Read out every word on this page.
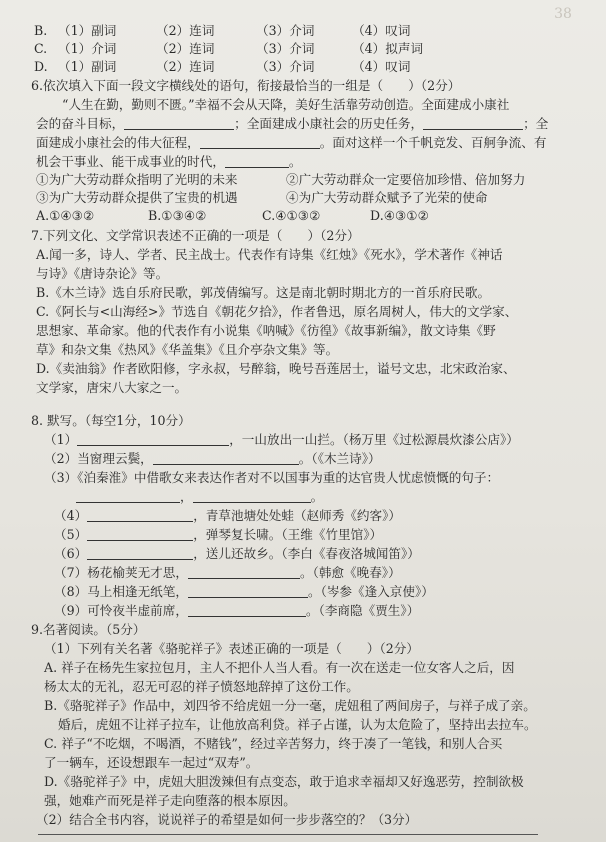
38
B. （1）副词	（2）连词	（3）介词	（4）叹词
C. （1）介词	（2）连词	（3）介词	（4）拟声词
D. （1）副词	（2）连词	（3）介词	（4）叹词
6.依次填入下面一段文字横线处的语句，衔接最恰当的一组是（　　）（2分）
“人生在勤，勤则不匮。”幸福不会从天降，美好生活靠劳动创造。全面建成小康社
会的奋斗目标，	；全面建成小康社会的历史任务，	；全
面建成小康社会的伟大征程，	。面对这样一个千帆竞发、百舸争流、有
机会干事业、能干成事业的时代，	。
①为广大劳动群众指明了光明的未来	②广大劳动群众一定要倍加珍惜、倍加努力
③为广大劳动群众提供了宝贵的机遇	④为广大劳动群众赋予了光荣的使命
A.①④③②	B.①③④②	C.④①③②	D.④③①②
7.下列文化、文学常识表述不正确的一项是（　　）（2分）
A.闻一多，诗人、学者、民主战士。代表作有诗集《红烛》《死水》，学术著作《神话
与诗》《唐诗杂论》等。
B.《木兰诗》选自乐府民歌，郭茂倩编写。这是南北朝时期北方的一首乐府民歌。
C.《阿长与<山海经>》节选自《朝花夕拾》，作者鲁迅，原名周树人，伟大的文学家、
思想家、革命家。他的代表作有小说集《呐喊》《彷徨》《故事新编》，散文诗集《野
草》和杂文集《热风》《华盖集》《且介亭杂文集》等。
D.《卖油翁》作者欧阳修，字永叔，号醉翁，晚号吾莲居士，谥号文忠，北宋政治家、
文学家，唐宋八大家之一。
8. 默写。（每空1分，10分）
（1）	，一山放出一山拦。（杨万里《过松源晨炊漆公店》）
（2）当窗理云鬓，	。（《木兰诗》）
（3）《泊秦淮》中借歌女来表达作者对不以国事为重的达官贵人忧虑愤慨的句子：
，	。
（4）	，青草池塘处处蛙（赵师秀《约客》）
（5）	，弹琴复长啸。（王维《竹里馆》）
（6）	，送儿还故乡。（李白《春夜洛城闻笛》）
（7）杨花榆荚无才思，	。（韩愈《晚春》）
（8）马上相逢无纸笔，	。（岑参《逢入京使》）
（9）可怜夜半虚前席，	。（李商隐《贾生》）
9.名著阅读。（5分）
（1）下列有关名著《骆驼祥子》表述正确的一项是（　　）（2分）
A. 祥子在杨先生家拉包月，主人不把仆人当人看。有一次在送走一位女客人之后，因
杨太太的无礼，忍无可忍的祥子愤怒地辞掉了这份工作。
B.《骆驼祥子》作品中，刘四爷不给虎妞一分一毫，虎妞租了两间房子，与祥子成了亲。
婚后，虎妞不让祥子拉车，让他放高利贷。祥子占谨，认为太危险了，坚持出去拉车。
C. 祥子“不吃烟，不喝酒，不赌钱”，经过辛苦努力，终于凑了一笔钱，和别人合买
了一辆车，还设想跟车一起过“双寿”。
D.《骆驼祥子》中，虎妞大胆泼辣但有点变态，敢于追求幸福却又好逸恶劳，控制欲极
强，她难产而死是祥子走向堕落的根本原因。
（2）结合全书内容，说说祥子的希望是如何一步步落空的？（3分）
